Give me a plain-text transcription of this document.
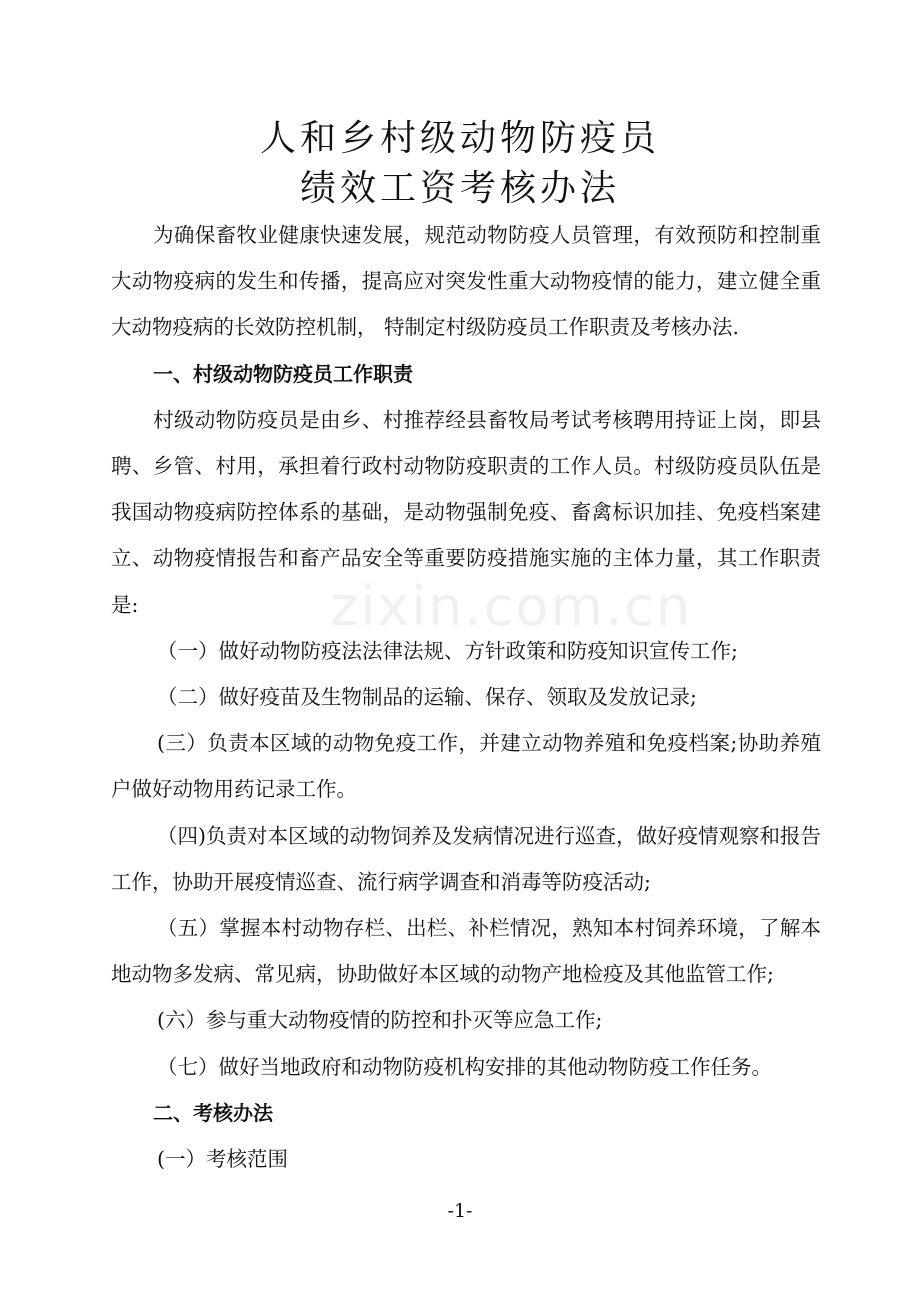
zixin.com.cn
人和乡村级动物防疫员
绩效工资考核办法

为确保畜牧业健康快速发展，规范动物防疫人员管理，有效预防和控制重大动物疫病的发生和传播，提高应对突发性重大动物疫情的能力，建立健全重大动物疫病的长效防控机制， 特制定村级防疫员工作职责及考核办法.

一、村级动物防疫员工作职责

村级动物防疫员是由乡、村推荐经县畜牧局考试考核聘用持证上岗，即县聘、乡管、村用，承担着行政村动物防疫职责的工作人员。村级防疫员队伍是我国动物疫病防控体系的基础，是动物强制免疫、畜禽标识加挂、免疫档案建立、动物疫情报告和畜产品安全等重要防疫措施实施的主体力量，其工作职责是:

（一）做好动物防疫法法律法规、方针政策和防疫知识宣传工作;

（二）做好疫苗及生物制品的运输、保存、领取及发放记录;

(三）负责本区域的动物免疫工作，并建立动物养殖和免疫档案;协助养殖户做好动物用药记录工作。

（四)负责对本区域的动物饲养及发病情况进行巡查，做好疫情观察和报告工作，协助开展疫情巡查、流行病学调查和消毒等防疫活动;

（五）掌握本村动物存栏、出栏、补栏情况，熟知本村饲养环境，了解本地动物多发病、常见病，协助做好本区域的动物产地检疫及其他监管工作;

(六）参与重大动物疫情的防控和扑灭等应急工作;

（七）做好当地政府和动物防疫机构安排的其他动物防疫工作任务。

二、考核办法

(一）考核范围

-1-
